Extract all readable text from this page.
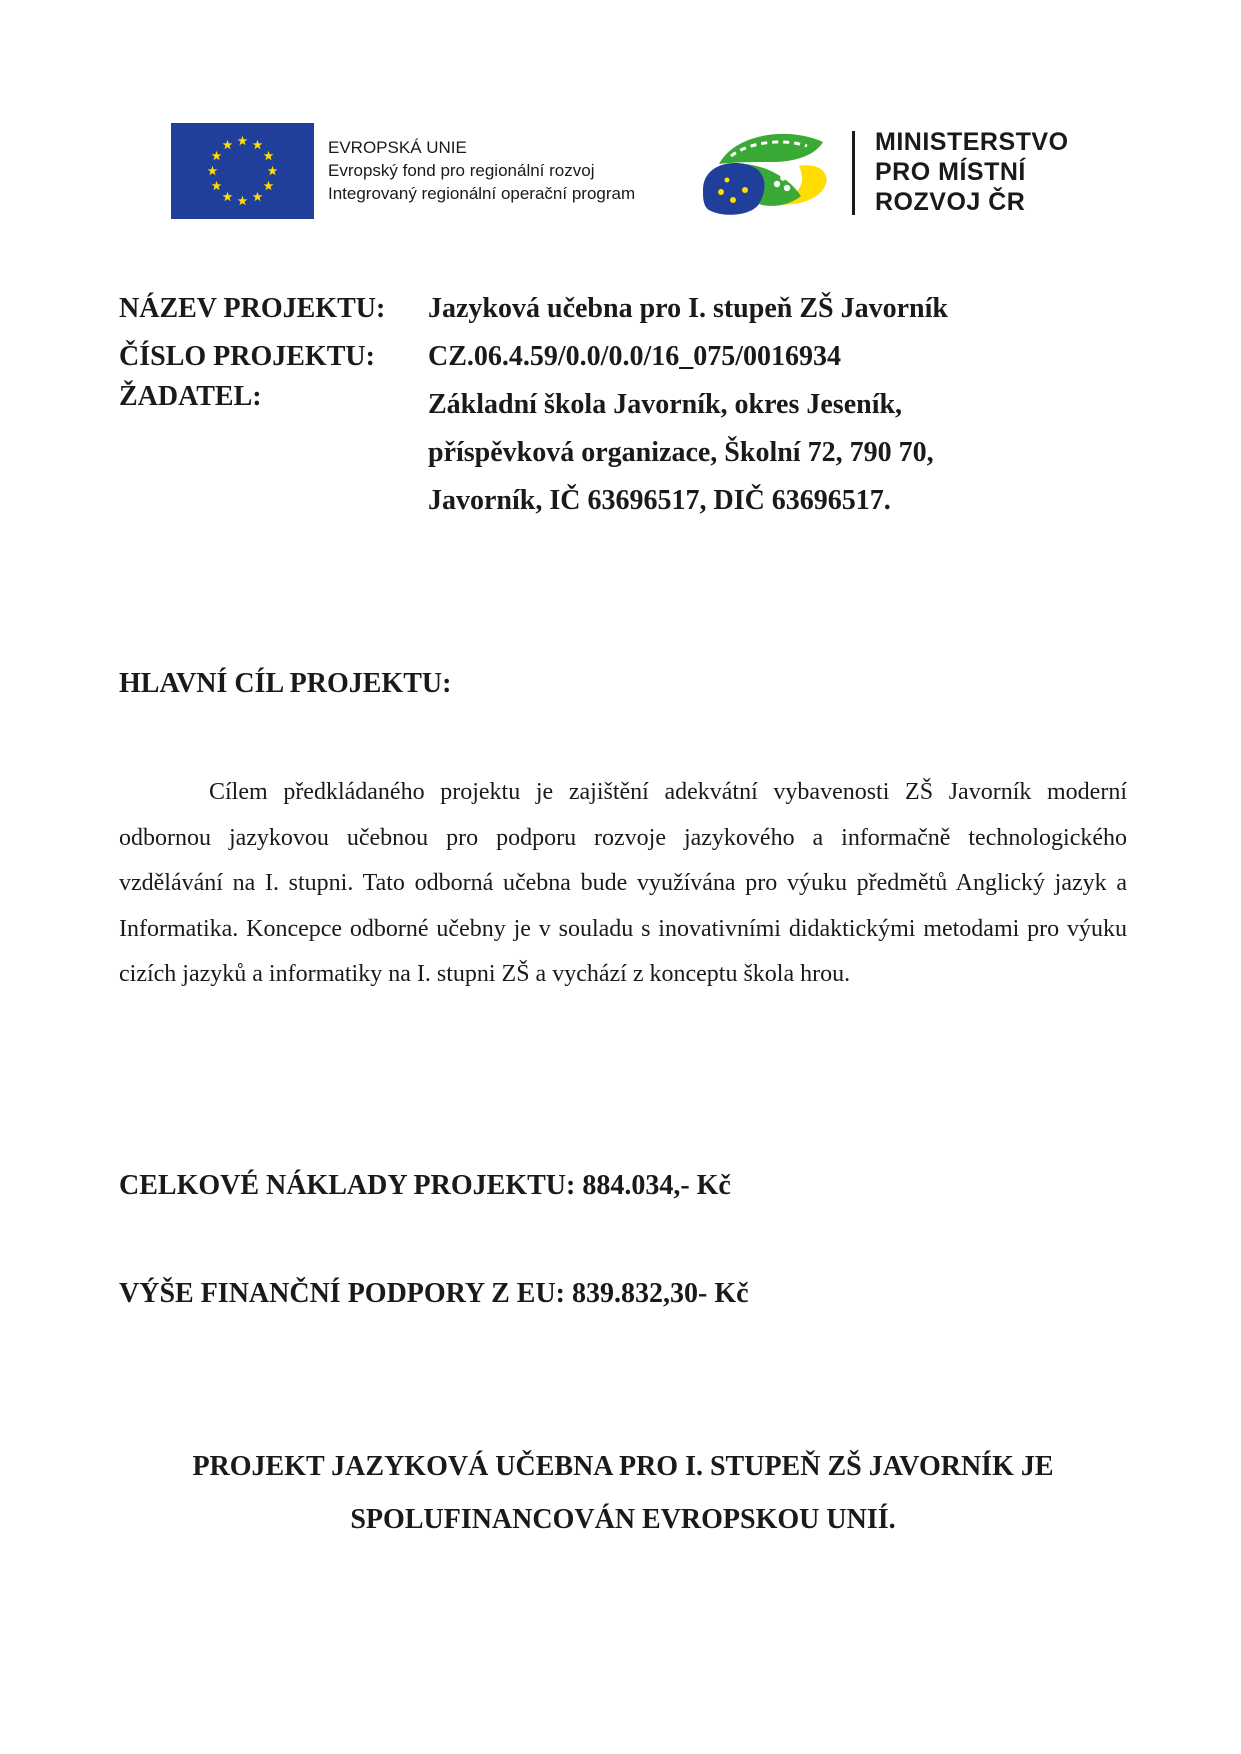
EVROPSKÁ UNIE
Evropský fond pro regionální rozvoj
Integrovaný regionální operační program
MINISTERSTVO
PRO MÍSTNÍ
ROZVOJ ČR
NÁZEV PROJEKTU: Jazyková učebna pro I. stupeň ZŠ Javorník
ČÍSLO PROJEKTU: CZ.06.4.59/0.0/0.0/16_075/0016934
ŽADATEL:	Základní škola Javorník, okres Jeseník,
příspěvková organizace, Školní 72, 790 70,
Javorník, IČ 63696517, DIČ 63696517.
HLAVNÍ CÍL PROJEKTU:

Cílem předkládaného projektu je zajištění adekvátní vybavenosti ZŠ Javorník moderní odbornou jazykovou učebnou pro podporu rozvoje jazykového a informačně technologického vzdělávání na I. stupni. Tato odborná učebna bude využívána pro výuku předmětů Anglický jazyk a Informatika. Koncepce odborné učebny je v souladu s inovativními didaktickými metodami pro výuku cizích jazyků a informatiky na I. stupni ZŠ a vychází z konceptu škola hrou.

CELKOVÉ NÁKLADY PROJEKTU: 884.034,- Kč
VÝŠE FINANČNÍ PODPORY Z EU: 839.832,30- Kč
PROJEKT JAZYKOVÁ UČEBNA PRO I. STUPEŇ ZŠ JAVORNÍK JE
SPOLUFINANCOVÁN EVROPSKOU UNIÍ.
